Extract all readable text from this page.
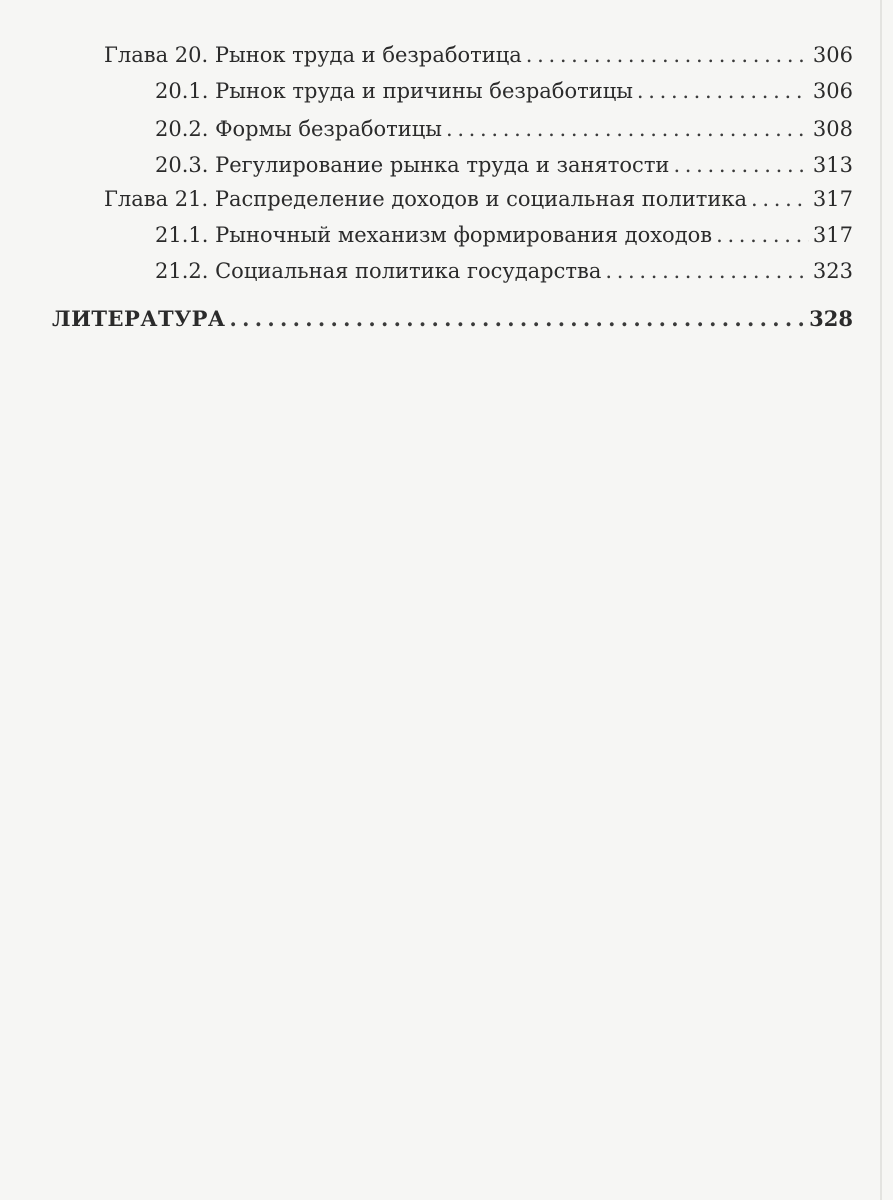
Глава 20. Рынок труда и безработица . . .	306
20.1. Рынок труда и причины безработицы . . .	306
20.2. Формы безработицы . . .	308
20.3. Регулирование рынка труда и занятости . . .	313
Глава 21. Распределение доходов и социальная политика . . .	317
21.1. Рыночный механизм формирования доходов . . .	317
21.2. Социальная политика государства . . .	323
ЛИТЕРАТУРА . . .	328
